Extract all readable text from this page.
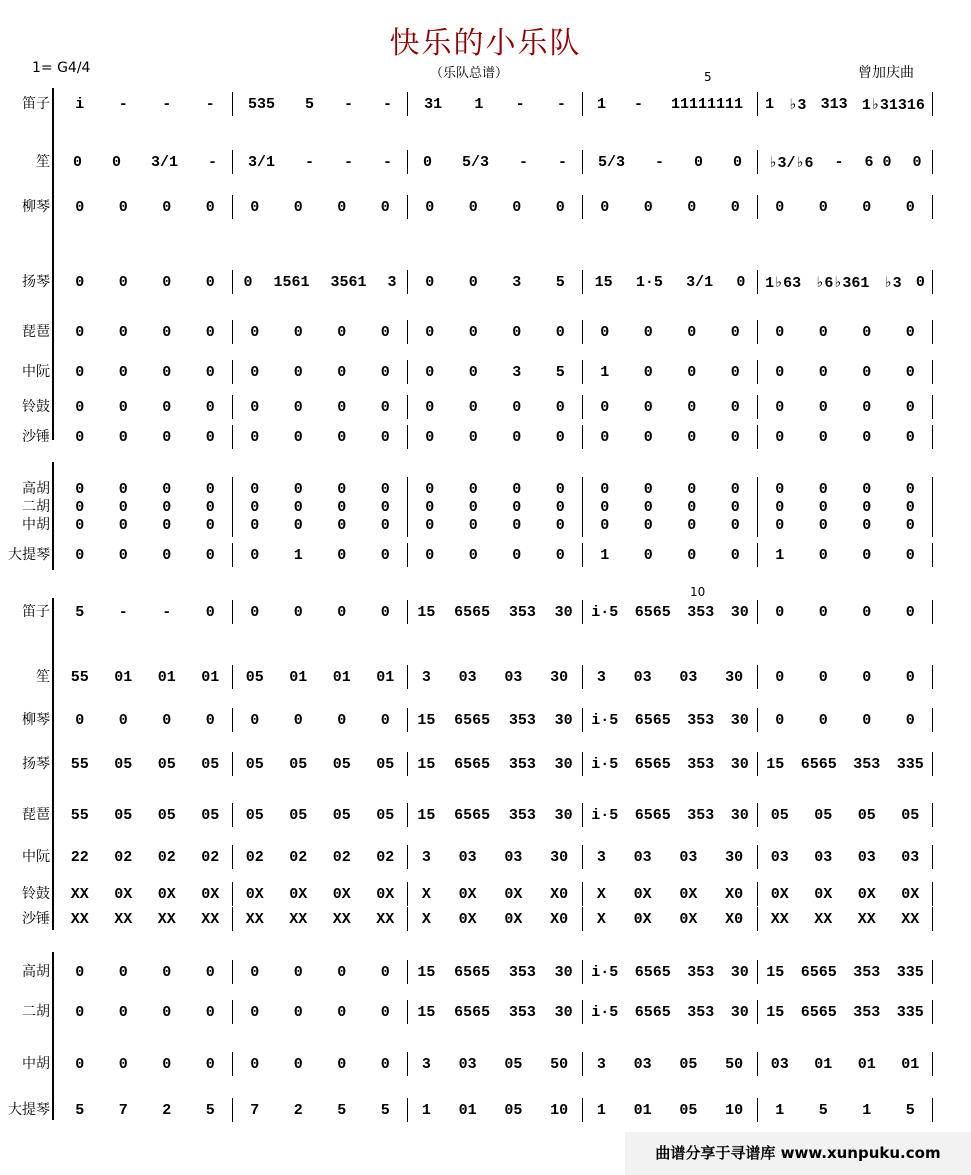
快乐的小乐队
1= G4/4	（乐队总谱）	曾加庆曲
5
10
笛子 i - - - 535 5 - - 31 1 - - 1 - 11111111 1 ♭3 313 1♭31316
笙 0 0 3/1 - 3/1 - - - 0 5/3 - - 5/3 - 0 0 ♭3/♭6 - 6 0 0
柳琴 0 0 0 0 0 0 0 0 0 0 0 0 0 0 0 0 0 0 0 0
扬琴 0 0 0 0 0 1561 3561 3 0 0 3 5 15 1·5 3/1 0 1♭63 ♭6♭361 ♭3 0
琵琶 0 0 0 0 0 0 0 0 0 0 0 0 0 0 0 0 0 0 0 0
中阮 0 0 0 0 0 0 0 0 0 0 3 5 1 0 0 0 0 0 0 0
铃鼓 0 0 0 0 0 0 0 0 0 0 0 0 0 0 0 0 0 0 0 0
沙锤 0 0 0 0 0 0 0 0 0 0 0 0 0 0 0 0 0 0 0 0
高胡 0 0 0 0 0 0 0 0 0 0 0 0 0 0 0 0 0 0 0 0
二胡 0 0 0 0 0 0 0 0 0 0 0 0 0 0 0 0 0 0 0 0
中胡 0 0 0 0 0 0 0 0 0 0 0 0 0 0 0 0 0 0 0 0
大提琴 0 0 0 0 0 1 0 0 0 0 0 0 1 0 0 0 1 0 0 0
笛子 5 - - 0 0 0 0 0 15 6565 353 30 i·5 6565 353 30 0 0 0 0
笙 55 01 01 01 05 01 01 01 3 03 03 30 3 03 03 30 0 0 0 0
柳琴 0 0 0 0 0 0 0 0 15 6565 353 30 i·5 6565 353 30 0 0 0 0
扬琴 55 05 05 05 05 05 05 05 15 6565 353 30 i·5 6565 353 30 15 6565 353 335
琵琶 55 05 05 05 05 05 05 05 15 6565 353 30 i·5 6565 353 30 05 05 05 05
中阮 22 02 02 02 02 02 02 02 3 03 03 30 3 03 03 30 03 03 03 03
铃鼓 XX 0X 0X 0X 0X 0X 0X 0X X 0X 0X X0 X 0X 0X X0 0X 0X 0X 0X
沙锤 XX XX XX XX XX XX XX XX X 0X 0X X0 X 0X 0X X0 XX XX XX XX
高胡 0 0 0 0 0 0 0 0 15 6565 353 30 i·5 6565 353 30 15 6565 353 335
二胡 0 0 0 0 0 0 0 0 15 6565 353 30 i·5 6565 353 30 15 6565 353 335
中胡 0 0 0 0 0 0 0 0 3 03 05 50 3 03 05 50 03 01 01 01
大提琴 5 7 2 5 7 2 5 5 1 01 05 10 1 01 05 10 1 5 1 5
曲谱分享于寻谱库 www.xunpuku.com
